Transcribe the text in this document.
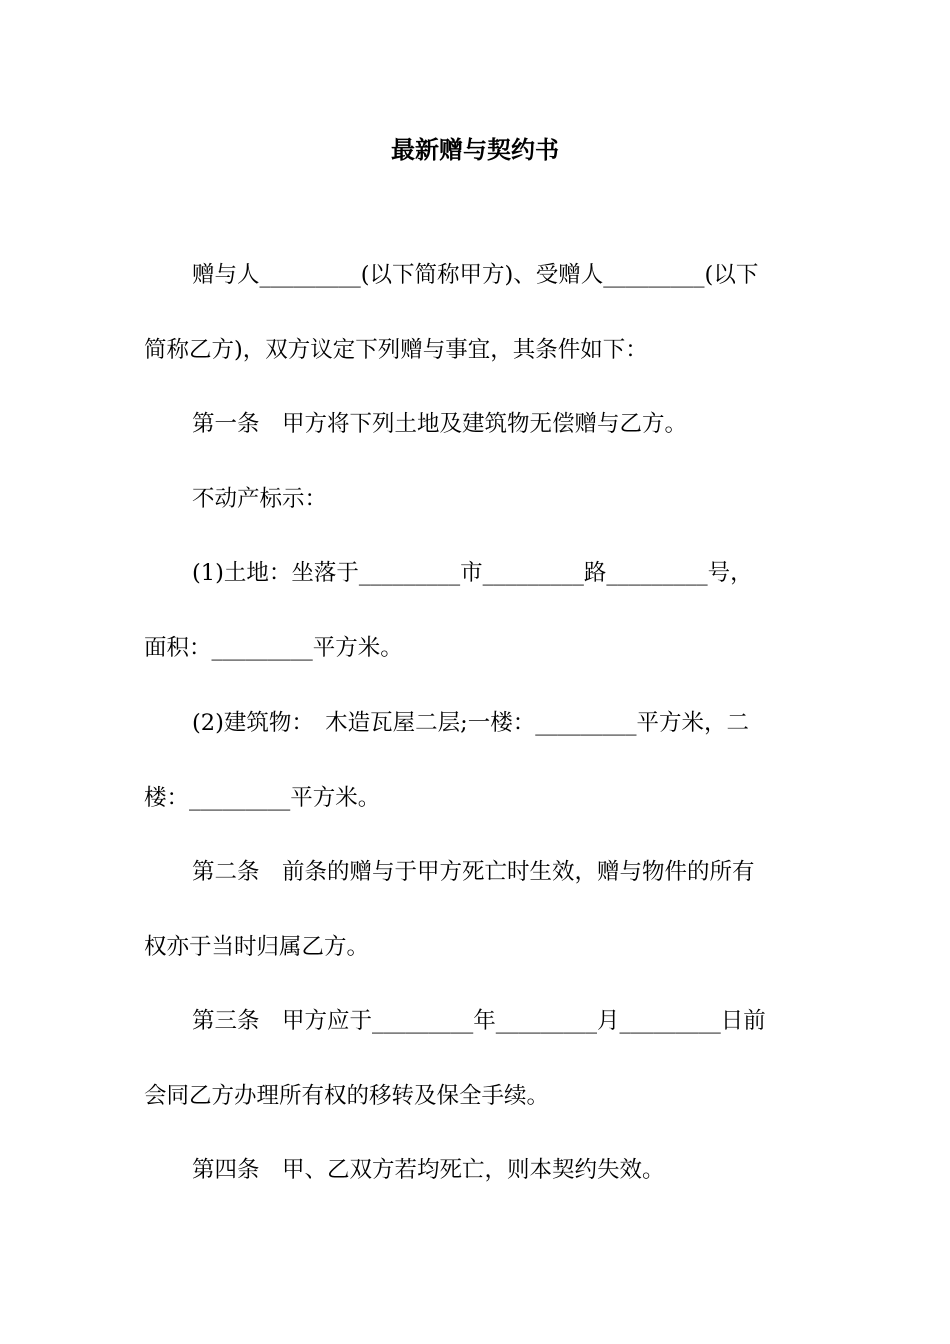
最新赠与契约书
赠与人_________(以下简称甲方)、受赠人_________(以下
简称乙方)，双方议定下列赠与事宜，其条件如下：
第一条　甲方将下列土地及建筑物无偿赠与乙方。
不动产标示：
(1)土地：坐落于_________市_________路_________号，
面积：_________平方米。
(2)建筑物：　木造瓦屋二层;一楼：_________平方米，二
楼：_________平方米。
第二条　前条的赠与于甲方死亡时生效，赠与物件的所有
权亦于当时归属乙方。
第三条　甲方应于_________年_________月_________日前
会同乙方办理所有权的移转及保全手续。
第四条　甲、乙双方若均死亡，则本契约失效。
